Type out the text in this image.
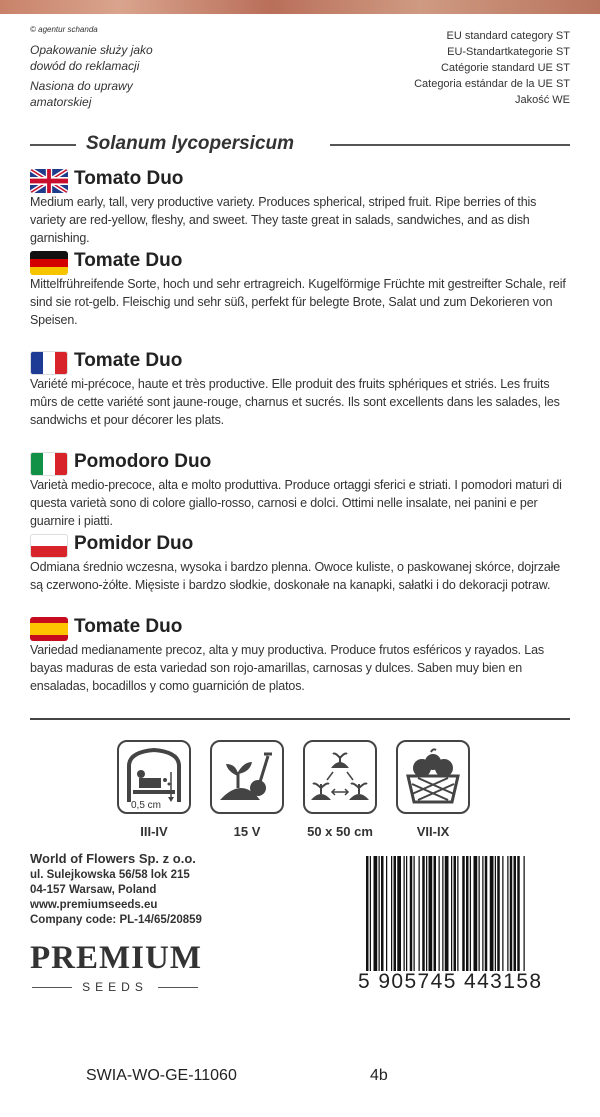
© agentur schanda
Opakowanie służy jako
dowód do reklamacji
Nasiona do uprawy
amatorskiej
EU standard category ST
EU-Standartkategorie ST
Catégorie standard UE ST
Categoria estándar de la UE ST
Jakość WE
Solanum lycopersicum
Tomato Duo
Medium early, tall, very productive variety. Produces spherical, striped fruit. Ripe berries of this variety are red-yellow, fleshy, and sweet. They taste great in salads, sandwiches, and as dish garnishing.
Tomate Duo
Mittelfrühreifende Sorte, hoch und sehr ertragreich. Kugelförmige Früchte mit gestreifter Schale, reif sind sie rot-gelb. Fleischig und sehr süß, perfekt für belegte Brote, Salat und zum Dekorieren von Speisen.
Tomate Duo
Variété mi-précoce, haute et très productive. Elle produit des fruits sphériques et striés. Les fruits mûrs de cette variété sont jaune-rouge, charnus et sucrés. Ils sont excellents dans les salades, les sandwichs et pour décorer les plats.
Pomodoro Duo
Varietà medio-precoce, alta e molto produttiva. Produce ortaggi sferici e striati. I pomodori maturi di questa varietà sono di colore giallo-rosso, carnosi e dolci. Ottimi nelle insalate, nei panini e per guarnire i piatti.
Pomidor Duo
Odmiana średnio wczesna, wysoka i bardzo plenna. Owoce kuliste, o paskowanej skórce, dojrzałe są czerwono-żółte. Mięsiste i bardzo słodkie, doskonałe na kanapki, sałatki i do dekoracji potraw.
Tomate Duo
Variedad medianamente precoz, alta y muy productiva. Produce frutos esféricos y rayados. Las bayas maduras de esta variedad son rojo-amarillas, carnosas y dulces. Saben muy bien en ensaladas, bocadillos y como guarnición de platos.
0,5 cm
III-IV	15 V	50 x 50 cm	VII-IX
World of Flowers Sp. z o.o.
ul. Sulejkowska 56/58 lok 215
04-157 Warsaw, Poland
www.premiumseeds.eu
Company code: PL-14/65/20859
PREMIUM
SEEDS	5 905745 443158
SWIA-WO-GE-11060	4b
